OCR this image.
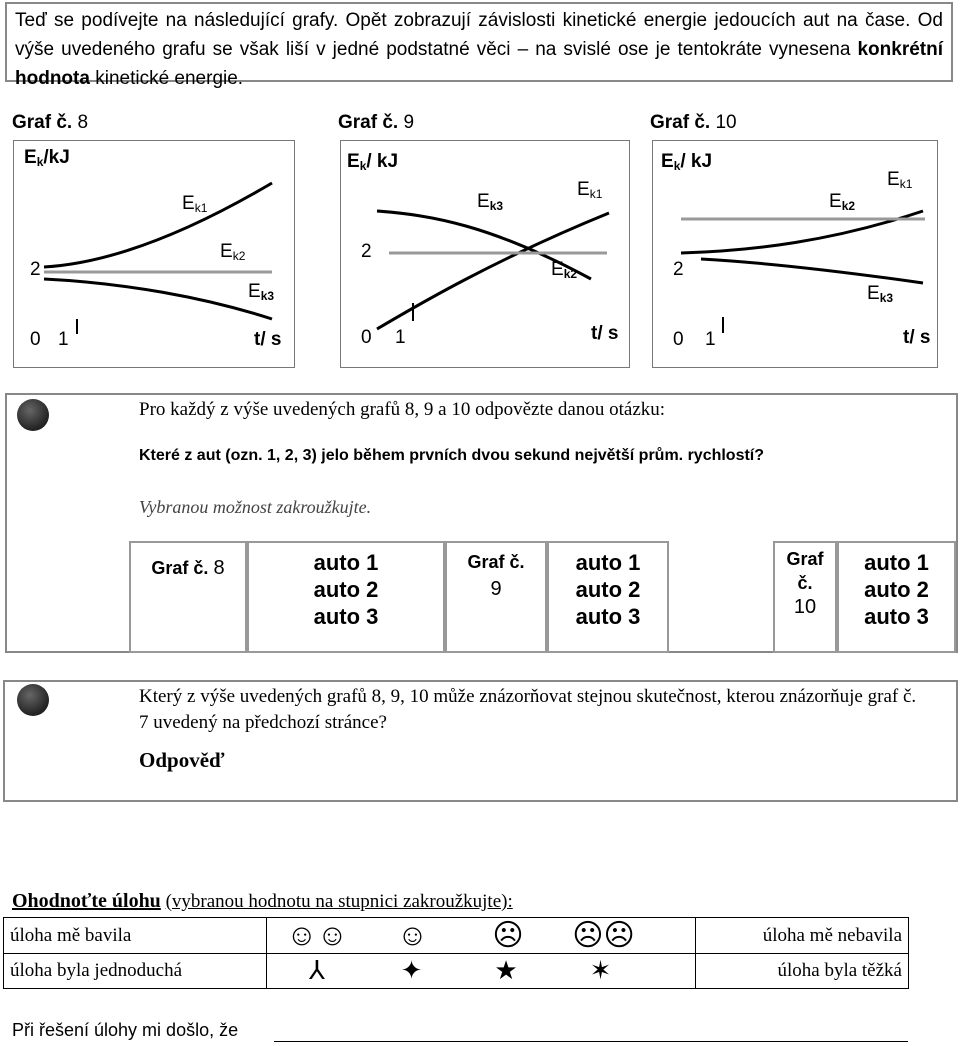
Teď se podívejte na následující grafy. Opět zobrazují závislosti kinetické energie jedoucích aut na čase. Od výše uvedeného grafu se však liší v jedné podstatné věci – na svislé ose je tentokráte vynesena konkrétní hodnota kinetické energie.
Graf č. 8	Graf č. 9	Graf č. 10
$E_k/kJ$
$E_{k1}$
$E_{k2}$
$E_{k3}$
2
0 1	t/ s
$E_k/$ kJ
$E_{k3}$
$E_{k1}$
$E_{k2}$
2
0 1	t/ s
$E_k/$ kJ
$E_{k1}$
$E_{k2}$
$E_{k3}$
2
0 1	t/ s
Pro každý z výše uvedených grafů 8, 9 a 10 odpovězte danou otázku:
Které z aut (ozn. 1, 2, 3) jelo během prvních dvou sekund největší prům. rychlostí?
Vybranou možnost zakroužkujte.
Graf č. 8	auto 1
auto 2
auto 3
Graf č.
9
auto 1
auto 2
auto 3
Graf
č.
10
auto 1
auto 2
auto 3
Který z výše uvedených grafů 8, 9, 10 může znázorňovat stejnou skutečnost, kterou znázorňuje graf č. 7 uvedený na předchozí stránce?
Odpověď
Ohodnoťte úlohu (vybranou hodnotu na stupnici zakroužkujte):
úloha mě bavila	☺☺ ☺ ☹ ☹☹	úloha mě nebavila
úloha byla jednoduchá	⅄ ✦ ★ ✶	úloha byla těžká
Při řešení úlohy mi došlo, že
